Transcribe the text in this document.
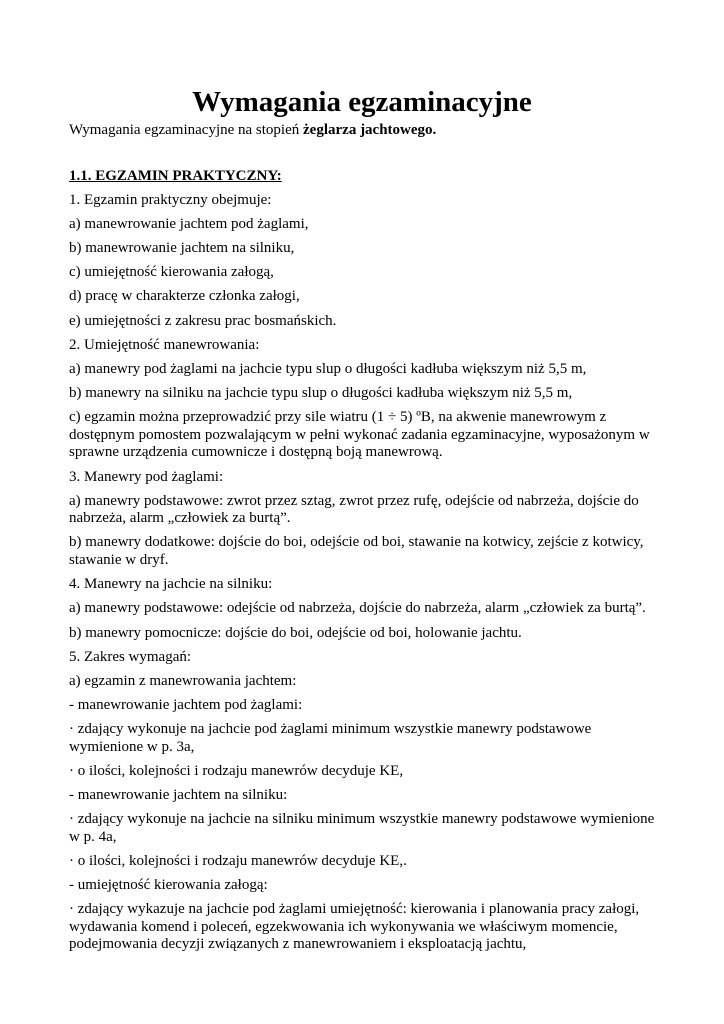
Wymagania egzaminacyjne

Wymagania egzaminacyjne na stopień żeglarza jachtowego.

1.1. EGZAMIN PRAKTYCZNY:

1. Egzamin praktyczny obejmuje:

a) manewrowanie jachtem pod żaglami,

b) manewrowanie jachtem na silniku,

c) umiejętność kierowania załogą,

d) pracę w charakterze członka załogi,

e) umiejętności z zakresu prac bosmańskich.

2. Umiejętność manewrowania:

a) manewry pod żaglami na jachcie typu slup o długości kadłuba większym niż 5,5 m,

b) manewry na silniku na jachcie typu slup o długości kadłuba większym niż 5,5 m,

c) egzamin można przeprowadzić przy sile wiatru (1 ÷ 5) ºB, na akwenie manewrowym z dostępnym pomostem pozwalającym w pełni wykonać zadania egzaminacyjne, wyposażonym w sprawne urządzenia cumownicze i dostępną boją manewrową.

3. Manewry pod żaglami:

a) manewry podstawowe: zwrot przez sztag, zwrot przez rufę, odejście od nabrzeża, dojście do nabrzeża, alarm „człowiek za burtą”.

b) manewry dodatkowe: dojście do boi, odejście od boi, stawanie na kotwicy, zejście z kotwicy, stawanie w dryf.

4. Manewry na jachcie na silniku:

a) manewry podstawowe: odejście od nabrzeża, dojście do nabrzeża, alarm „człowiek za burtą”.

b) manewry pomocnicze: dojście do boi, odejście od boi, holowanie jachtu.

5. Zakres wymagań:

a) egzamin z manewrowania jachtem:

- manewrowanie jachtem pod żaglami:

· zdający wykonuje na jachcie pod żaglami minimum wszystkie manewry podstawowe wymienione w p. 3a,

· o ilości, kolejności i rodzaju manewrów decyduje KE,

- manewrowanie jachtem na silniku:

· zdający wykonuje na jachcie na silniku minimum wszystkie manewry podstawowe wymienione w p. 4a,

· o ilości, kolejności i rodzaju manewrów decyduje KE,.

- umiejętność kierowania załogą:

· zdający wykazuje na jachcie pod żaglami umiejętność: kierowania i planowania pracy załogi, wydawania komend i poleceń, egzekwowania ich wykonywania we właściwym momencie, podejmowania decyzji związanych z manewrowaniem i eksploatacją jachtu,
